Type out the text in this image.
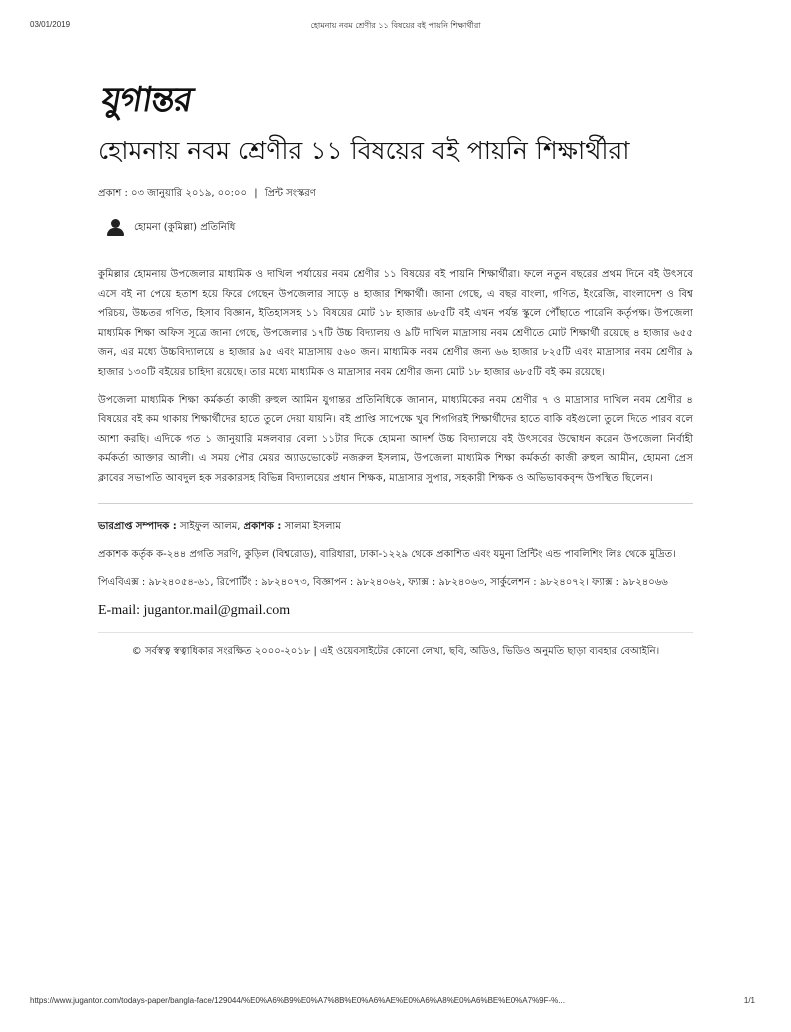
03/01/2019	হোমনায় নবম শ্রেণীর ১১ বিষয়ের বই পায়নি শিক্ষার্থীরা
যুগান্তর
হোমনায় নবম শ্রেণীর ১১ বিষয়ের বই পায়নি শিক্ষার্থীরা
প্রকাশ : ০৩ জানুয়ারি ২০১৯, ০০:০০ | প্রিন্ট সংস্করণ
হোমনা (কুমিল্লা) প্রতিনিধি

কুমিল্লার হোমনায় উপজেলার মাধ্যমিক ও দাখিল পর্যায়ের নবম শ্রেণীর ১১ বিষয়ের বই পায়নি শিক্ষার্থীরা। ফলে নতুন বছরের প্রথম দিনে বই উৎসবে এসে বই না পেয়ে হতাশ হয়ে ফিরে গেছেন উপজেলার সাড়ে ৪ হাজার শিক্ষার্থী। জানা গেছে, এ বছর বাংলা, গণিত, ইংরেজি, বাংলাদেশ ও বিশ্ব পরিচয়, উচ্চতর গণিত, হিসাব বিজ্ঞান, ইতিহাসসহ ১১ বিষয়ের মোট ১৮ হাজার ৬৮৫টি বই এখন পর্যন্ত স্কুলে পৌঁছাতে পারেনি কর্তৃপক্ষ। উপজেলা মাধ্যমিক শিক্ষা অফিস সূত্রে জানা গেছে, উপজেলার ১৭টি উচ্চ বিদ্যালয় ও ৯টি দাখিল মাদ্রাসায় নবম শ্রেণীতে মোট শিক্ষার্থী রয়েছে ৪ হাজার ৬৫৫ জন, এর মধ্যে উচ্চবিদ্যালয়ে ৪ হাজার ৯৫ এবং মাদ্রাসায় ৫৬০ জন। মাধ্যমিক নবম শ্রেণীর জন্য ৬৬ হাজার ৮২৫টি এবং মাদ্রাসার নবম শ্রেণীর ৯ হাজার ১৩০টি বইয়ের চাহিদা রয়েছে। তার মধ্যে মাধ্যমিক ও মাদ্রাসার নবম শ্রেণীর জন্য মোট ১৮ হাজার ৬৮৫টি বই কম রয়েছে।

উপজেলা মাধ্যমিক শিক্ষা কর্মকর্তা কাজী রুহুল আমিন যুগান্তর প্রতিনিধিকে জানান, মাধ্যমিকের নবম শ্রেণীর ৭ ও মাদ্রাসার দাখিল নবম শ্রেণীর ৪ বিষয়ের বই কম থাকায় শিক্ষার্থীদের হাতে তুলে দেয়া যায়নি। বই প্রাপ্তি সাপেক্ষে খুব শিগগিরই শিক্ষার্থীদের হাতে বাকি বইগুলো তুলে দিতে পারব বলে আশা করছি। এদিকে গত ১ জানুয়ারি মঙ্গলবার বেলা ১১টার দিকে হোমনা আদর্শ উচ্চ বিদ্যালয়ে বই উৎসবের উদ্বোধন করেন উপজেলা নির্বাহী কর্মকর্তা আক্তার আলী। এ সময় পৌর মেয়র অ্যাডভোকেট নজরুল ইসলাম, উপজেলা মাধ্যমিক শিক্ষা কর্মকর্তা কাজী রুহুল আমীন, হোমনা প্রেস ক্লাবের সভাপতি আবদুল হক সরকারসহ বিভিন্ন বিদ্যালয়ের প্রধান শিক্ষক, মাদ্রাসার সুপার, সহকারী শিক্ষক ও অভিভাবকবৃন্দ উপস্থিত ছিলেন।

ভারপ্রাপ্ত সম্পাদক : সাইফুল আলম, প্রকাশক : সালমা ইসলাম
প্রকাশক কর্তৃক ক-২৪৪ প্রগতি সরণি, কুড়িল (বিশ্বরোড), বারিধারা, ঢাকা-১২২৯ থেকে প্রকাশিত এবং যমুনা প্রিন্টিং এন্ড পাবলিশিং লিঃ থেকে মুদ্রিত।
পিএবিএক্স : ৯৮২৪০৫৪-৬১, রিপোর্টিং : ৯৮২৪০৭৩, বিজ্ঞাপন : ৯৮২৪০৬২, ফ্যাক্স : ৯৮২৪০৬৩, সার্কুলেশন : ৯৮২৪০৭২। ফ্যাক্স : ৯৮২৪০৬৬
E-mail: jugantor.mail@gmail.com
© সর্বস্বত্ব স্বত্বাধিকার সংরক্ষিত ২০০০-২০১৮ | এই ওয়েবসাইটের কোনো লেখা, ছবি, অডিও, ভিডিও অনুমতি ছাড়া ব্যবহার বেআইনি।
https://www.jugantor.com/todays-paper/bangla-face/129044/%E0%A6%B9%E0%A7%8B%E0%A6%AE%E0%A6%A8%E0%A6%BE%E0%A7%9F-%...	1/1
